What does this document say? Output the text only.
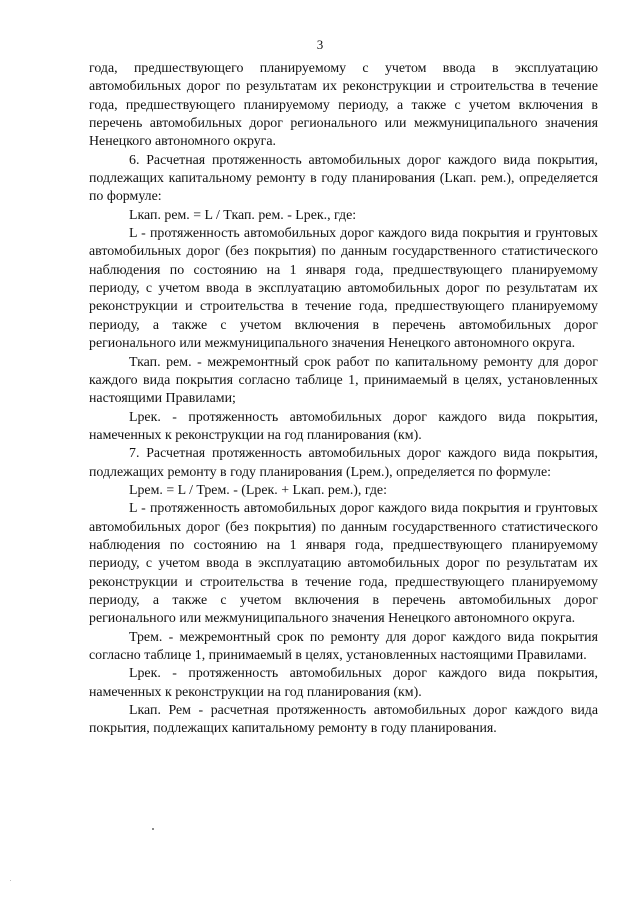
3

года, предшествующего планируемому с учетом ввода в эксплуатацию автомобильных дорог по результатам их реконструкции и строительства в течение года, предшествующего планируемому периоду, а также с учетом включения в перечень автомобильных дорог регионального или межмуниципального значения Ненецкого автономного округа.

6. Расчетная протяженность автомобильных дорог каждого вида покрытия, подлежащих капитальному ремонту в году планирования (Lкап. рем.), определяется по формуле:

Lкап. рем. = L / Ткап. рем. - Lрек., где:

L - протяженность автомобильных дорог каждого вида покрытия и грунтовых автомобильных дорог (без покрытия) по данным государственного статистического наблюдения по состоянию на 1 января года, предшествующего планируемому периоду, с учетом ввода в эксплуатацию автомобильных дорог по результатам их реконструкции и строительства в течение года, предшествующего планируемому периоду, а также с учетом включения в перечень автомобильных дорог регионального или межмуниципального значения Ненецкого автономного округа.

Ткап. рем. - межремонтный срок работ по капитальному ремонту для дорог каждого вида покрытия согласно таблице 1, принимаемый в целях, установленных настоящими Правилами;

Lрек. - протяженность автомобильных дорог каждого вида покрытия, намеченных к реконструкции на год планирования (км).

7. Расчетная протяженность автомобильных дорог каждого вида покрытия, подлежащих ремонту в году планирования (Lрем.), определяется по формуле:

Lрем. = L / Трем. - (Lрек. + Lкап. рем.), где:

L - протяженность автомобильных дорог каждого вида покрытия и грунтовых автомобильных дорог (без покрытия) по данным государственного статистического наблюдения по состоянию на 1 января года, предшествующего планируемому периоду, с учетом ввода в эксплуатацию автомобильных дорог по результатам их реконструкции и строительства в течение года, предшествующего планируемому периоду, а также с учетом включения в перечень автомобильных дорог регионального или межмуниципального значения Ненецкого автономного округа.

Трем. - межремонтный срок по ремонту для дорог каждого вида покрытия согласно таблице 1, принимаемый в целях, установленных настоящими Правилами.

Lрек. - протяженность автомобильных дорог каждого вида покрытия, намеченных к реконструкции на год планирования (км).

Lкап. Рем - расчетная протяженность автомобильных дорог каждого вида покрытия, подлежащих капитальному ремонту в году планирования.
